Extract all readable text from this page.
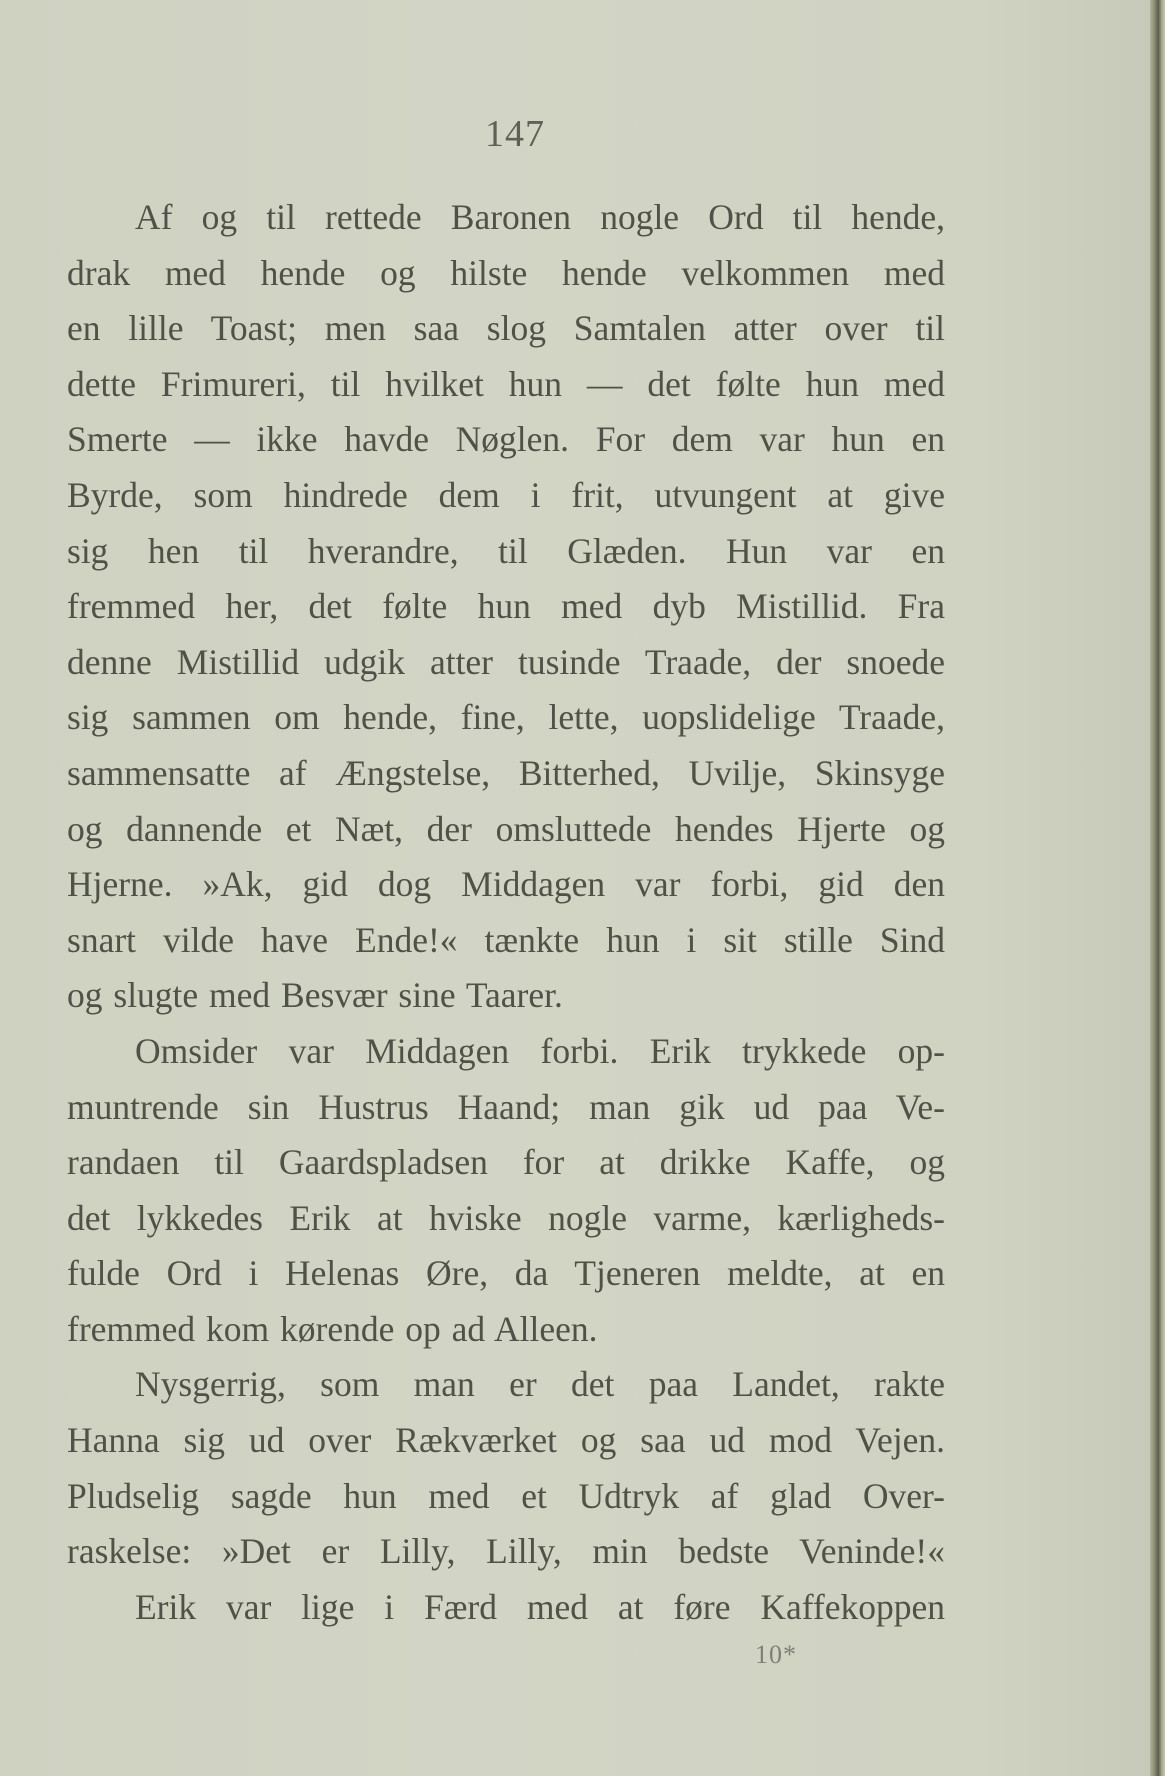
147
Af og til rettede Baronen nogle Ord til hende,
drak med hende og hilste hende velkommen med
en lille Toast; men saa slog Samtalen atter over til
dette Frimureri, til hvilket hun — det følte hun med
Smerte — ikke havde Nøglen. For dem var hun en
Byrde, som hindrede dem i frit, utvungent at give
sig hen til hverandre, til Glæden. Hun var en
fremmed her, det følte hun med dyb Mistillid. Fra
denne Mistillid udgik atter tusinde Traade, der snoede
sig sammen om hende, fine, lette, uopslidelige Traade,
sammensatte af Ængstelse, Bitterhed, Uvilje, Skinsyge
og dannende et Næt, der omsluttede hendes Hjerte og
Hjerne. »Ak, gid dog Middagen var forbi, gid den
snart vilde have Ende!« tænkte hun i sit stille Sind
og slugte med Besvær sine Taarer.
Omsider var Middagen forbi. Erik trykkede op-
muntrende sin Hustrus Haand; man gik ud paa Ve-
randaen til Gaardspladsen for at drikke Kaffe, og
det lykkedes Erik at hviske nogle varme, kærligheds-
fulde Ord i Helenas Øre, da Tjeneren meldte, at en
fremmed kom kørende op ad Alleen.
Nysgerrig, som man er det paa Landet, rakte
Hanna sig ud over Rækværket og saa ud mod Vejen.
Pludselig sagde hun med et Udtryk af glad Over-
raskelse: »Det er Lilly, Lilly, min bedste Veninde!«
Erik var lige i Færd med at føre Kaffekoppen
10*
